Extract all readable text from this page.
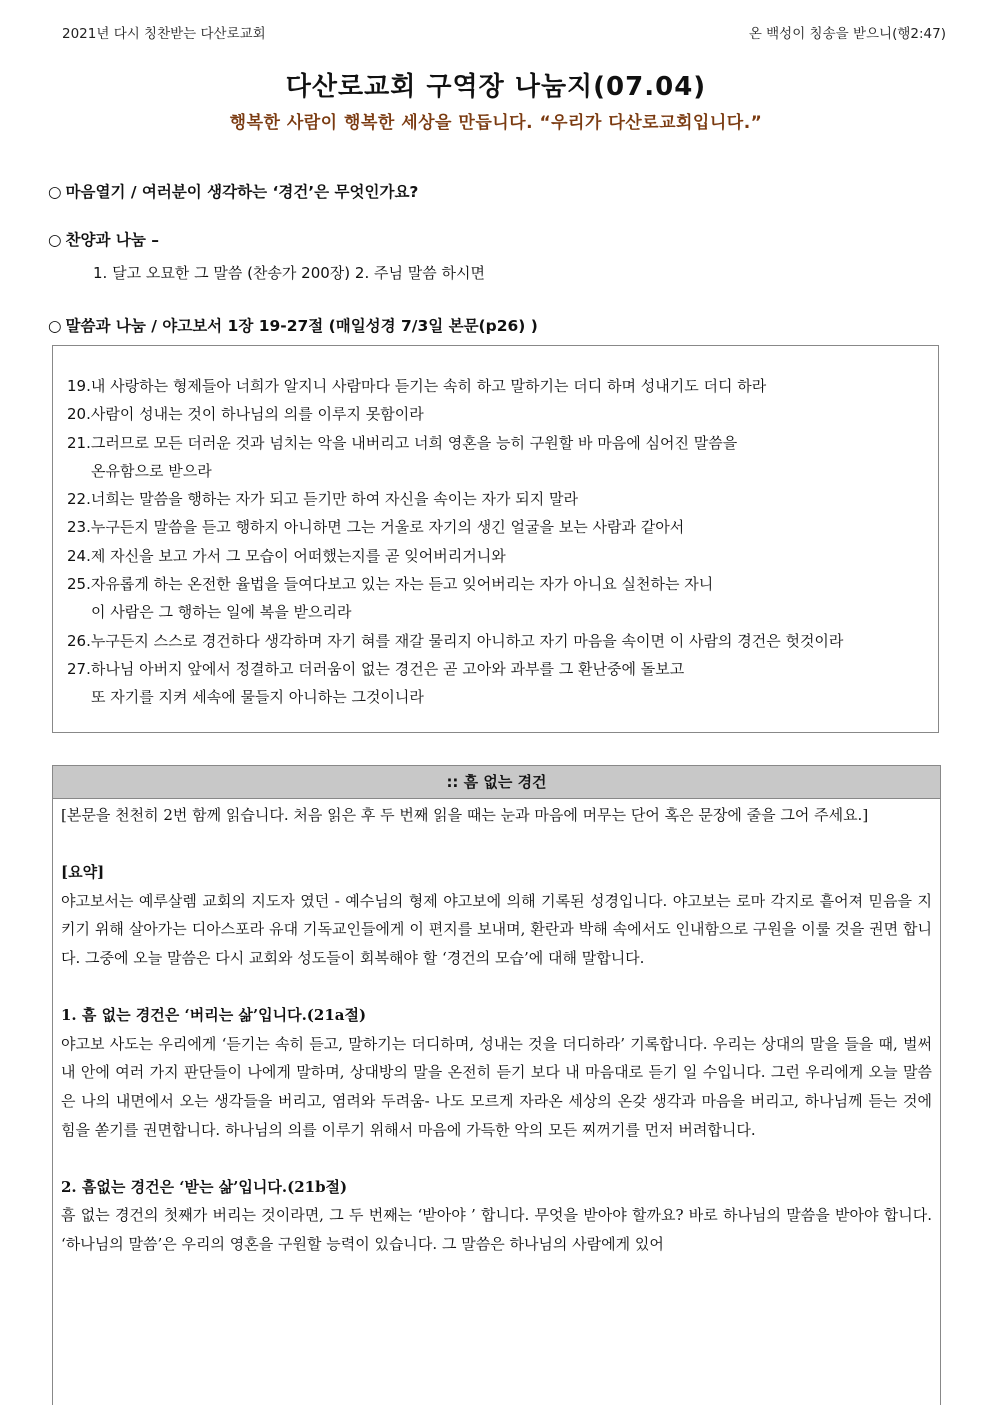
2021년 다시 칭찬받는 다산로교회	온 백성이 칭송을 받으니(행2:47)
다산로교회 구역장 나눔지(07.04)
행복한 사람이 행복한 세상을 만듭니다. “우리가 다산로교회입니다.”
○ 마음열기 / 여러분이 생각하는 ‘경건’은 무엇인가요?
○ 찬양과 나눔 –
1. 달고 오묘한 그 말씀 (찬송가 200장) 2. 주님 말씀 하시면
○ 말씀과 나눔 / 야고보서 1장 19-27절 (매일성경 7/3일 본문(p26) )
19.내 사랑하는 형제들아 너희가 알지니 사람마다 듣기는 속히 하고 말하기는 더디 하며 성내기도 더디 하라
20.사람이 성내는 것이 하나님의 의를 이루지 못함이라
21.그러므로 모든 더러운 것과 넘치는 악을 내버리고 너희 영혼을 능히 구원할 바 마음에 심어진 말씀을
온유함으로 받으라
22.너희는 말씀을 행하는 자가 되고 듣기만 하여 자신을 속이는 자가 되지 말라
23.누구든지 말씀을 듣고 행하지 아니하면 그는 거울로 자기의 생긴 얼굴을 보는 사람과 같아서
24.제 자신을 보고 가서 그 모습이 어떠했는지를 곧 잊어버리거니와
25.자유롭게 하는 온전한 율법을 들여다보고 있는 자는 듣고 잊어버리는 자가 아니요 실천하는 자니
이 사람은 그 행하는 일에 복을 받으리라
26.누구든지 스스로 경건하다 생각하며 자기 혀를 재갈 물리지 아니하고 자기 마음을 속이면 이 사람의 경건은 헛것이라
27.하나님 아버지 앞에서 정결하고 더러움이 없는 경건은 곧 고아와 과부를 그 환난중에 돌보고
또 자기를 지켜 세속에 물들지 아니하는 그것이니라
:: 흠 없는 경건

[본문을 천천히 2번 함께 읽습니다. 처음 읽은 후 두 번째 읽을 때는 눈과 마음에 머무는 단어 혹은 문장에 줄을 그어 주세요.]

[요약]

야고보서는 예루살렘 교회의 지도자 였던 - 예수님의 형제 야고보에 의해 기록된 성경입니다. 야고보는 로마 각지로 흩어져 믿음을 지키기 위해 살아가는 디아스포라 유대 기독교인들에게 이 편지를 보내며, 환란과 박해 속에서도 인내함으로 구원을 이룰 것을 권면 합니다. 그중에 오늘 말씀은 다시 교회와 성도들이 회복해야 할 ‘경건의 모습’에 대해 말합니다.

1. 흠 없는 경건은 ‘버리는 삶’입니다.(21a절)

야고보 사도는 우리에게 ‘듣기는 속히 듣고, 말하기는 더디하며, 성내는 것을 더디하라’ 기록합니다. 우리는 상대의 말을 들을 때, 벌써 내 안에 여러 가지 판단들이 나에게 말하며, 상대방의 말을 온전히 듣기 보다 내 마음대로 듣기 일 수입니다. 그런 우리에게 오늘 말씀은 나의 내면에서 오는 생각들을 버리고, 염려와 두려움- 나도 모르게 자라온 세상의 온갖 생각과 마음을 버리고, 하나님께 듣는 것에 힘을 쏟기를 권면합니다. 하나님의 의를 이루기 위해서 마음에 가득한 악의 모든 찌꺼기를 먼저 버려합니다.

2. 흠없는 경건은 ‘받는 삶’입니다.(21b절)

흠 없는 경건의 첫째가 버리는 것이라면, 그 두 번째는 ‘받아야 ’ 합니다. 무엇을 받아야 할까요? 바로 하나님의 말씀을 받아야 합니다. ‘하나님의 말씀’은 우리의 영혼을 구원할 능력이 있습니다. 그 말씀은 하나님의 사람에게 있어
